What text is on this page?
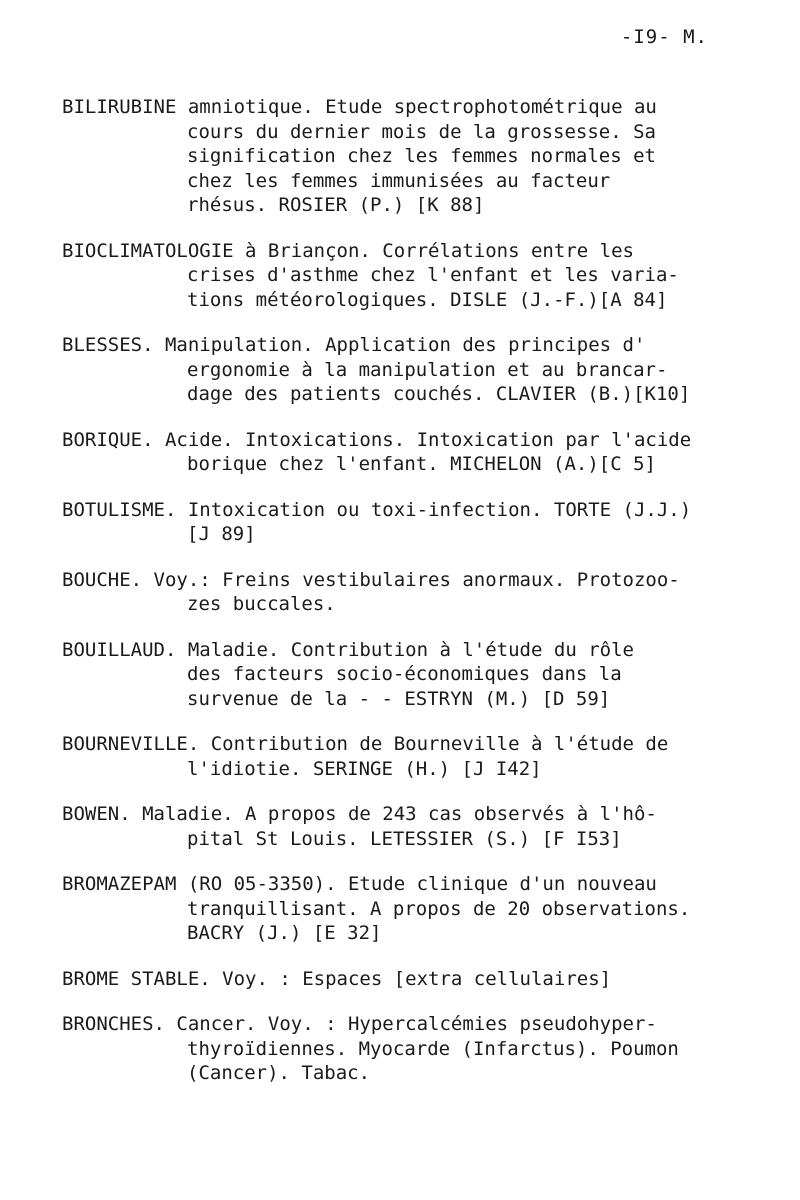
-I9- M.
BILIRUBINE amniotique. Etude spectrophotométrique au
cours du dernier mois de la grossesse. Sa
signification chez les femmes normales et
chez les femmes immunisées au facteur
rhésus. ROSIER (P.) [K 88]
BIOCLIMATOLOGIE à Briançon. Corrélations entre les
crises d'asthme chez l'enfant et les varia-
tions météorologiques. DISLE (J.-F.)[A 84]
BLESSES. Manipulation. Application des principes d'
ergonomie à la manipulation et au brancar-
dage des patients couchés. CLAVIER (B.)[K10]
BORIQUE. Acide. Intoxications. Intoxication par l'acide
borique chez l'enfant. MICHELON (A.)[C 5]
BOTULISME. Intoxication ou toxi-infection. TORTE (J.J.)
[J 89]
BOUCHE. Voy.: Freins vestibulaires anormaux. Protozoo-
zes buccales.
BOUILLAUD. Maladie. Contribution à l'étude du rôle
des facteurs socio-économiques dans la
survenue de la - - ESTRYN (M.) [D 59]
BOURNEVILLE. Contribution de Bourneville à l'étude de
l'idiotie. SERINGE (H.) [J I42]
BOWEN. Maladie. A propos de 243 cas observés à l'hô-
pital St Louis. LETESSIER (S.) [F I53]
BROMAZEPAM (RO 05-3350). Etude clinique d'un nouveau
tranquillisant. A propos de 20 observations.
BACRY (J.) [E 32]
BROME STABLE. Voy. : Espaces [extra cellulaires]
BRONCHES. Cancer. Voy. : Hypercalcémies pseudohyper-
thyroïdiennes. Myocarde (Infarctus). Poumon
(Cancer). Tabac.
